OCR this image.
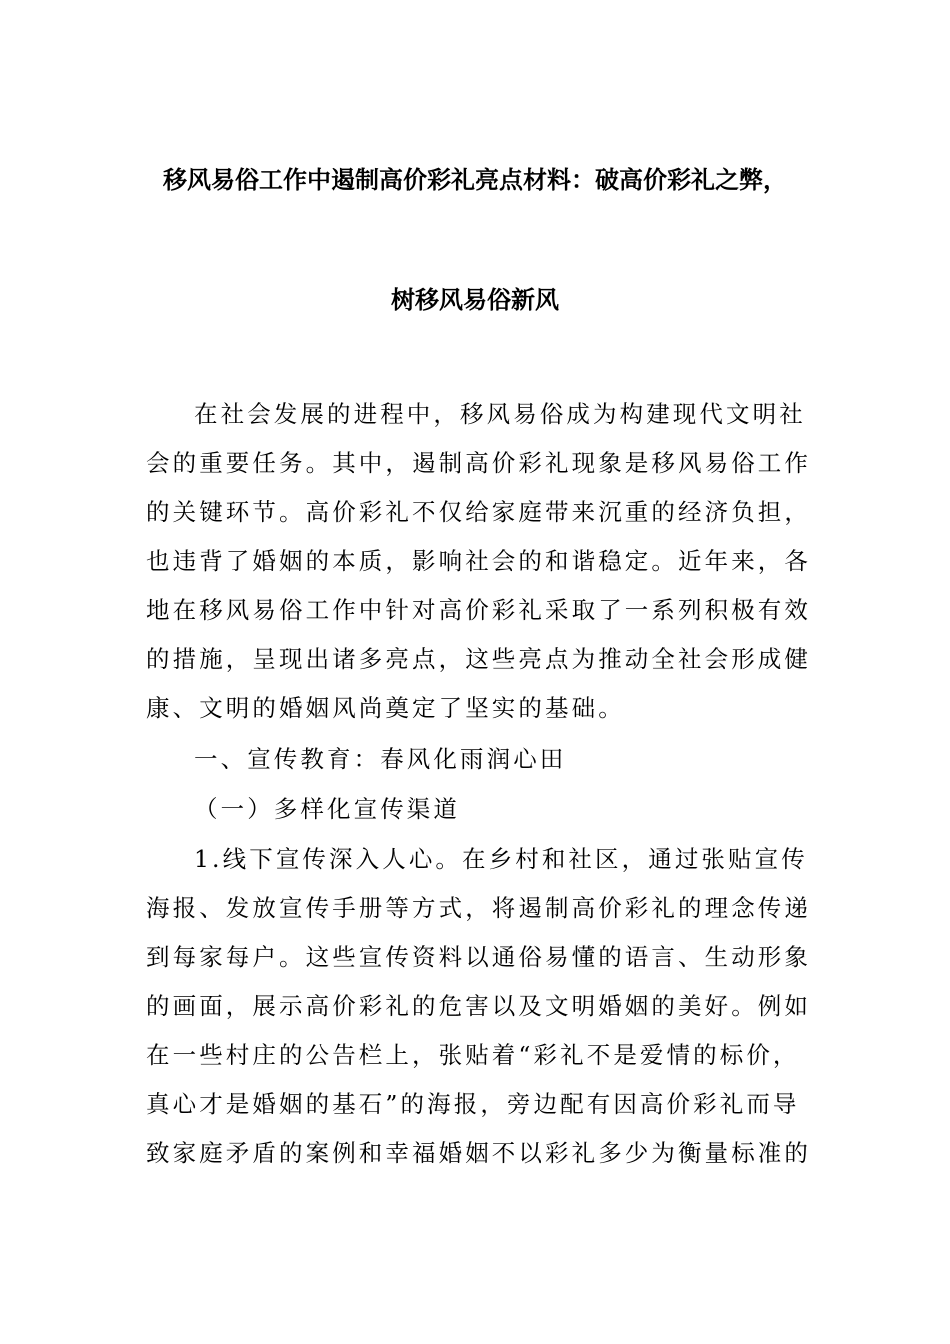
移风易俗工作中遏制高价彩礼亮点材料：破高价彩礼之弊，
树移风易俗新风
在社会发展的进程中，移风易俗成为构建现代文明社
会的重要任务。其中，遏制高价彩礼现象是移风易俗工作
的关键环节。高价彩礼不仅给家庭带来沉重的经济负担，
也违背了婚姻的本质，影响社会的和谐稳定。近年来，各
地在移风易俗工作中针对高价彩礼采取了一系列积极有效
的措施，呈现出诸多亮点，这些亮点为推动全社会形成健
康、文明的婚姻风尚奠定了坚实的基础。
一、宣传教育：春风化雨润心田
（一）多样化宣传渠道
1.线下宣传深入人心。在乡村和社区，通过张贴宣传
海报、发放宣传手册等方式，将遏制高价彩礼的理念传递
到每家每户。这些宣传资料以通俗易懂的语言、生动形象
的画面，展示高价彩礼的危害以及文明婚姻的美好。例如
在一些村庄的公告栏上，张贴着“彩礼不是爱情的标价，
真心才是婚姻的基石”的海报，旁边配有因高价彩礼而导
致家庭矛盾的案例和幸福婚姻不以彩礼多少为衡量标准的
